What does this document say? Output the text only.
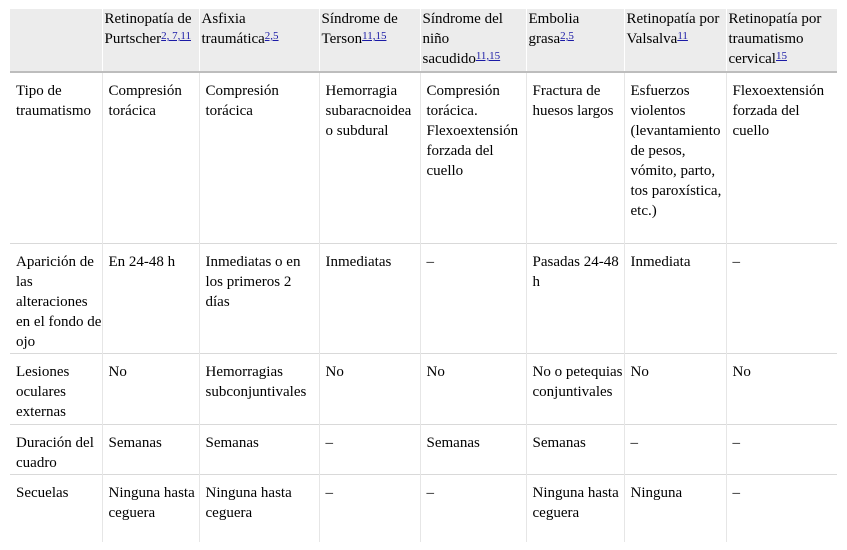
	Retinopatía de Purtscher$^{2, 7,11}$	Asfixia traumática$^{2,5}$	Síndrome de Terson$^{11,15}$	Síndrome del niño sacudido$^{11,15}$	Embolia grasa$^{2,5}$	Retinopatía por Valsalva$^{11}$	Retinopatía por traumatismo cervical$^{15}$
Tipo de traumatismo	Compresión torácica	Compresión torácica	Hemorragia subaracnoidea o subdural	Compresión torácica. Flexoextensión forzada del cuello	Fractura de huesos largos	Esfuerzos violentos (levantamiento de pesos, vómito, parto, tos paroxística, etc.)	Flexoextensión forzada del cuello
Aparición de las alteraciones en el fondo de ojo	En 24-48 h	Inmediatas o en los primeros 2 días	Inmediatas	–	Pasadas 24-48 h	Inmediata	–
Lesiones oculares externas	No	Hemorragias subconjuntivales	No	No	No o petequias conjuntivales	No	No
Duración del cuadro	Semanas	Semanas	–	Semanas	Semanas	–	–
Secuelas	Ninguna hasta ceguera	Ninguna hasta ceguera	–	–	Ninguna hasta ceguera	Ninguna	–
